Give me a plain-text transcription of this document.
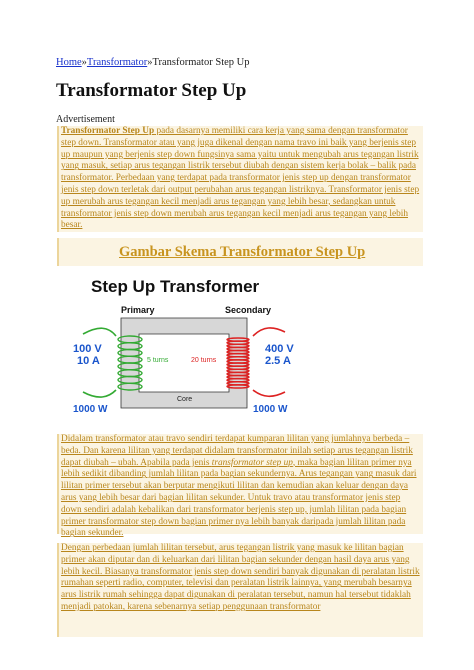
Home»Transformator»Transformator Step Up
Transformator Step Up
Advertisement

Transformator Step Up pada dasarnya memiliki cara kerja yang sama dengan transformator step down. Transformator atau yang juga dikenal dengan nama travo ini baik yang berjenis step up maupun yang berjenis step down fungsinya sama yaitu untuk mengubah arus tegangan listrik yang masuk, setiap arus tegangan listrik tersebut diubah dengan sistem kerja bolak – balik pada transformator. Perbedaan yang terdapat pada transformator jenis step up dengan transformator jenis step down terletak dari output perubahan arus tegangan listriknya. Transformator jenis step up merubah arus tegangan kecil menjadi arus tegangan yang lebih besar, sedangkan untuk transformator jenis step down merubah arus tegangan kecil menjadi arus tegangan yang lebih besar.

Gambar Skema Transformator Step Up
Step Up Transformer
Primary	Secondary
Core
5 turns	20 turns
100 V
10 A
1000 W
400 V
2.5 A
1000 W

Didalam transformator atau travo sendiri terdapat kumparan lilitan yang jumlahnya berbeda – beda. Dan karena lilitan yang terdapat didalam transformator inilah setiap arus tegangan listrik dapat diubah – ubah. Apabila pada jenis transformator step up, maka bagian lilitan primer nya lebih sedikit dibanding jumlah lilitan pada bagian sekundernya. Arus tegangan yang masuk dari lilitan primer tersebut akan berputar mengikuti lilitan dan kemudian akan keluar dengan daya arus yang lebih besar dari bagian lilitan sekunder. Untuk travo atau transformator jenis step down sendiri adalah kebalikan dari transformator berjenis step up, jumlah lilitan pada bagian primer transformator step down bagian primer nya lebih banyak daripada jumlah lilitan pada bagian sekunder.

Dengan perbedaan jumlah lilitan tersebut, arus tegangan listrik yang masuk ke lilitan bagian primer akan diputar dan di keluarkan dari lilitan bagian sekunder dengan hasil daya arus yang lebih kecil. Biasanya transformator jenis step down sendiri banyak digunakan di peralatan listrik rumahan seperti radio, computer, televisi dan peralatan listrik lainnya, yang merubah besarnya arus listrik rumah sehingga dapat digunakan di peralatan tersebut, namun hal tersebut tidaklah menjadi patokan, karena sebenarnya setiap penggunaan transformator
